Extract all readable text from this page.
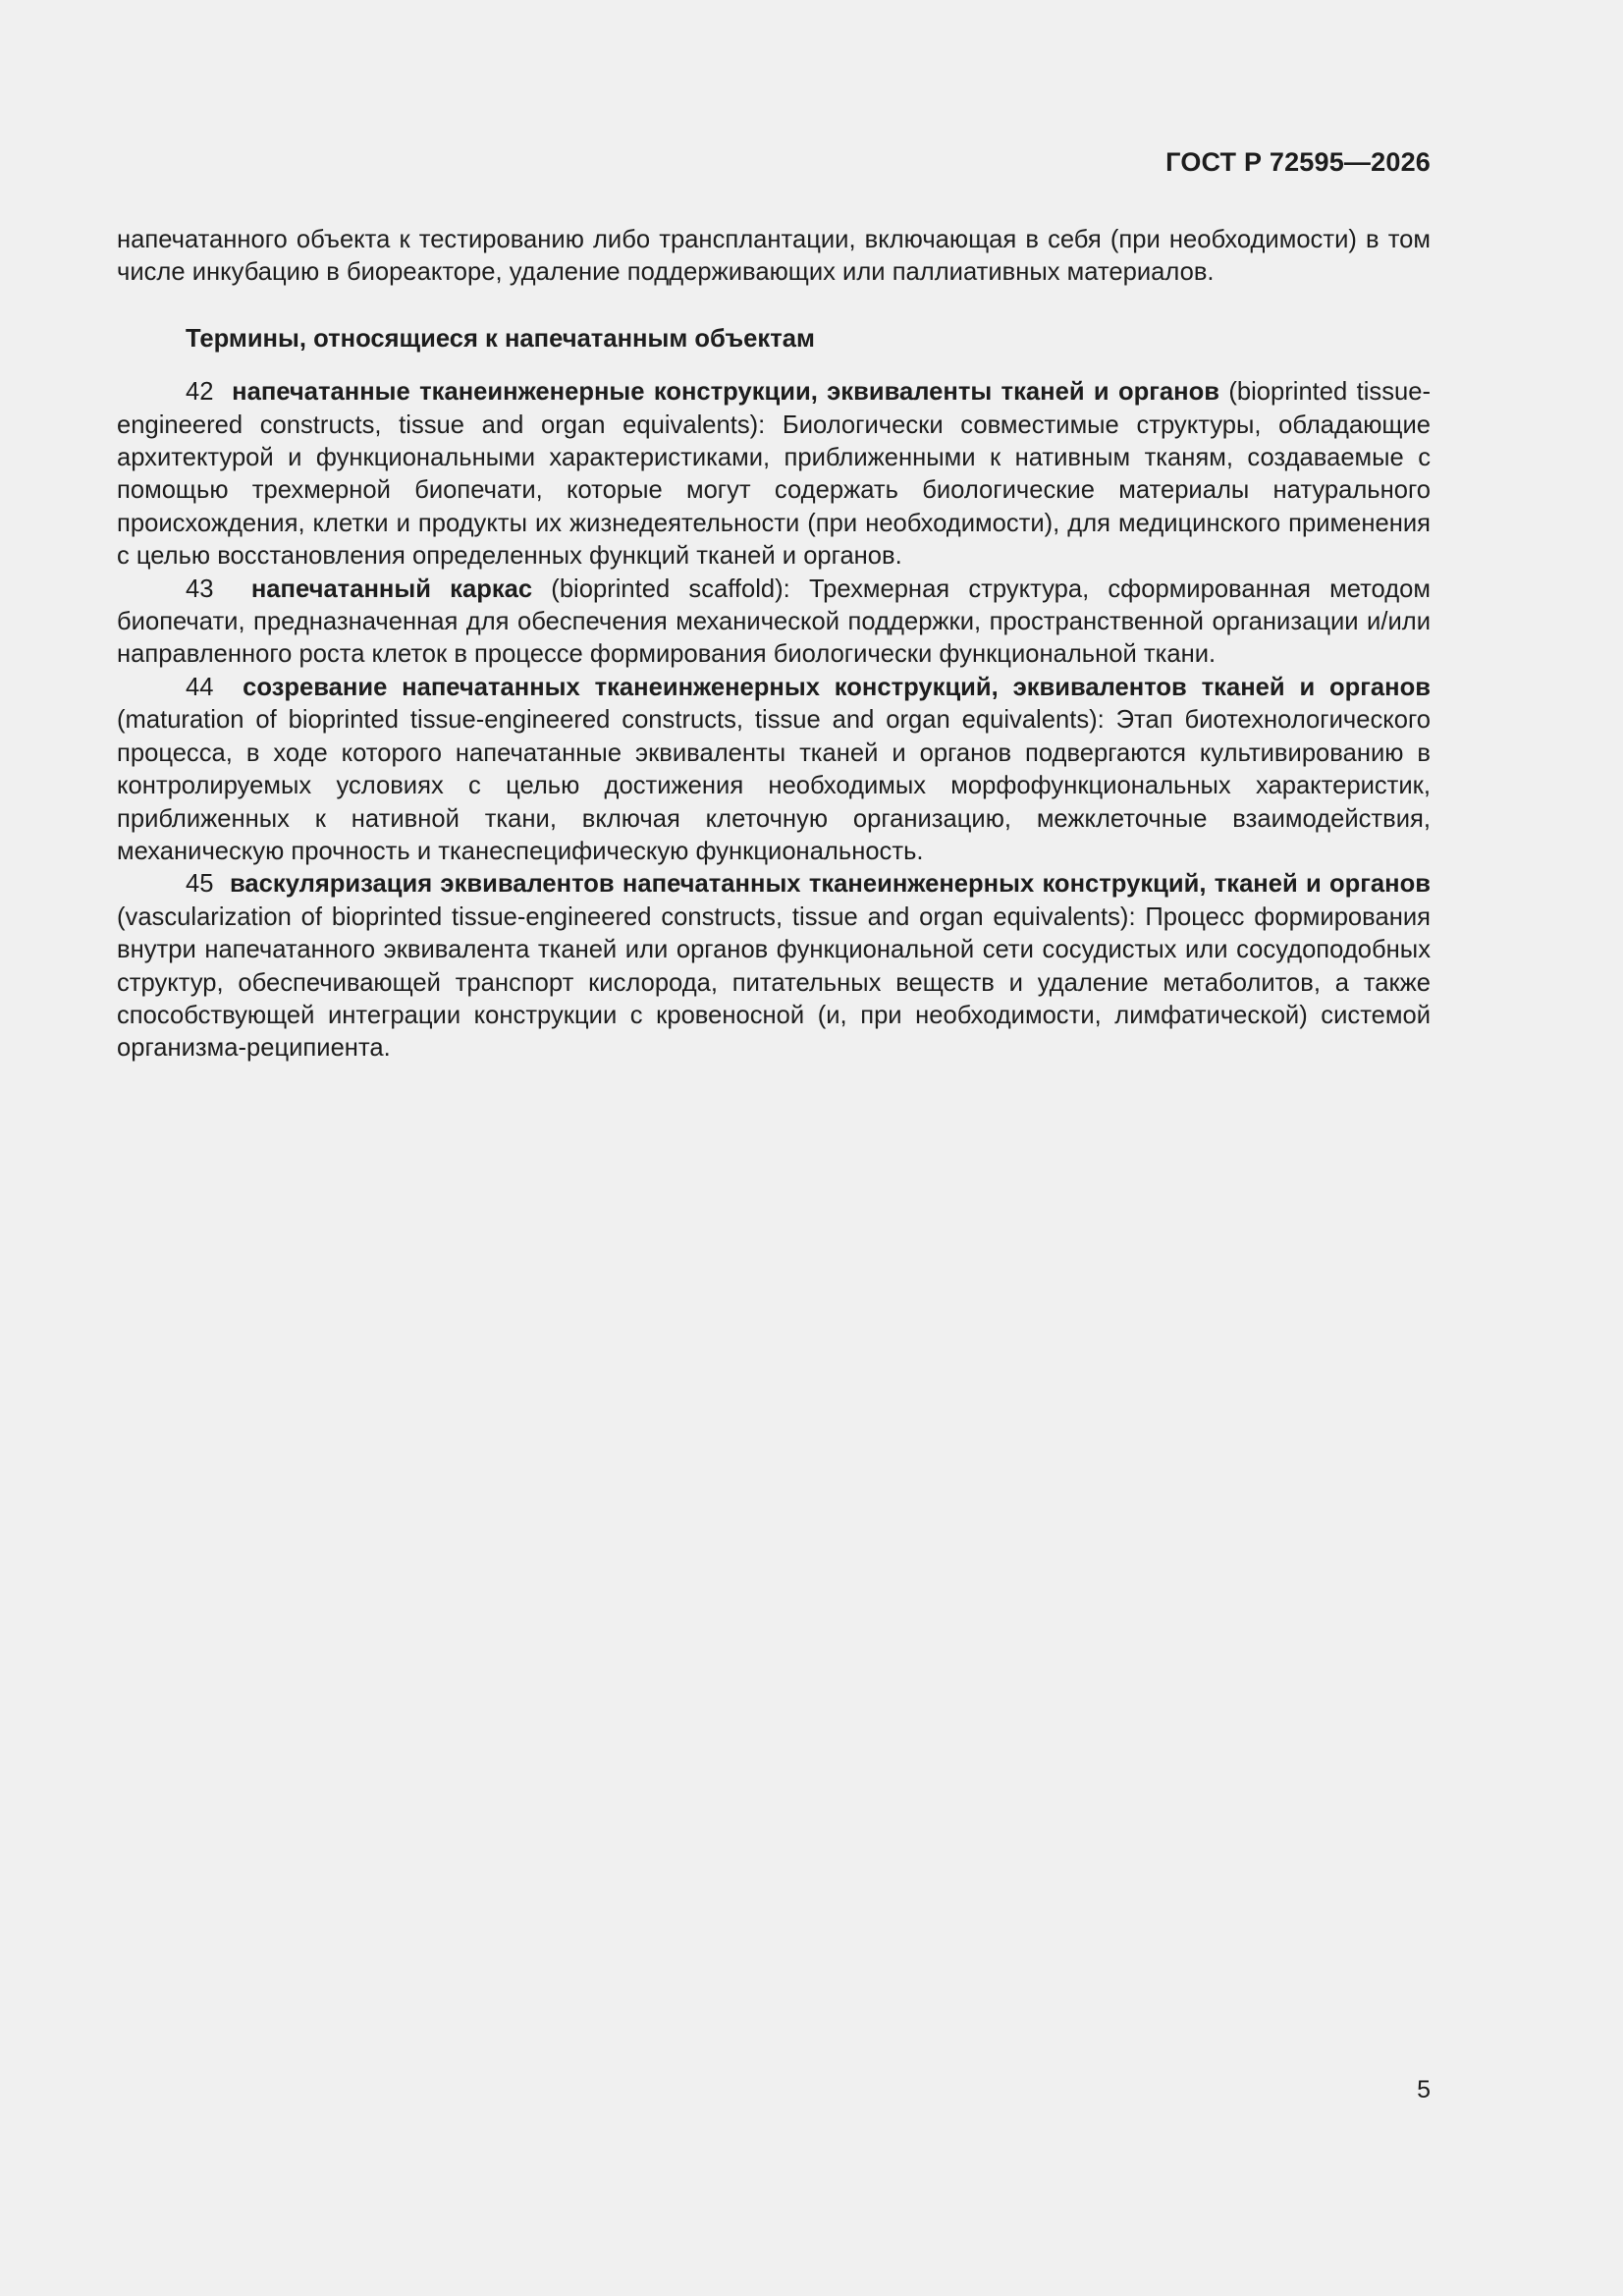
ГОСТ Р 72595—2026

напечатанного объекта к тестированию либо трансплантации, включающая в себя (при необходимости) в том числе инкубацию в биореакторе, удаление поддерживающих или паллиативных материалов.

Термины, относящиеся к напечатанным объектам

42 напечатанные тканеинженерные конструкции, эквиваленты тканей и органов (bioprinted tissue-engineered constructs, tissue and organ equivalents): Биологически совместимые структуры, обладающие архитектурой и функциональными характеристиками, приближенными к нативным тканям, создаваемые с помощью трехмерной биопечати, которые могут содержать биологические материалы натурального происхождения, клетки и продукты их жизнедеятельности (при необходимости), для медицинского применения с целью восстановления определенных функций тканей и органов.

43 напечатанный каркас (bioprinted scaffold): Трехмерная структура, сформированная методом биопечати, предназначенная для обеспечения механической поддержки, пространственной организации и/или направленного роста клеток в процессе формирования биологически функциональной ткани.

44 созревание напечатанных тканеинженерных конструкций, эквивалентов тканей и органов (maturation of bioprinted tissue-engineered constructs, tissue and organ equivalents): Этап биотехнологического процесса, в ходе которого напечатанные эквиваленты тканей и органов подвергаются культивированию в контролируемых условиях с целью достижения необходимых морфофункциональных характеристик, приближенных к нативной ткани, включая клеточную организацию, межклеточные взаимодействия, механическую прочность и тканеспецифическую функциональность.

45 васкуляризация эквивалентов напечатанных тканеинженерных конструкций, тканей и органов (vascularization of bioprinted tissue-engineered constructs, tissue and organ equivalents): Процесс формирования внутри напечатанного эквивалента тканей или органов функциональной сети сосудистых или сосудоподобных структур, обеспечивающей транспорт кислорода, питательных веществ и удаление метаболитов, а также способствующей интеграции конструкции с кровеносной (и, при необходимости, лимфатической) системой организма-реципиента.

5
